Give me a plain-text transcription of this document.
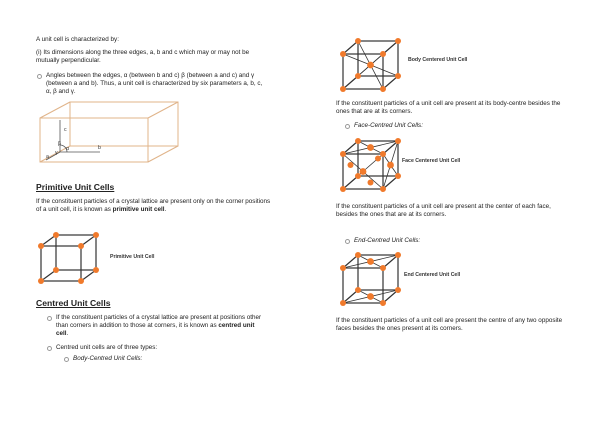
A unit cell is characterized by:

(i) Its dimensions along the three edges, a, b and c which may or may not be mutually perpendicular.

Angles between the edges, α (between b and c) β (between a and c) and γ (between a and b). Thus, a unit cell is characterized by six parameters a, b, c, α, β and γ.
c
b
a
β
α
γ

Primitive Unit Cells

If the constituent particles of a crystal lattice are present only on the corner positions of a unit cell, it is known as primitive unit cell.

Primitive Unit Cell

Centred Unit Cells

If the constituent particles of a crystal lattice are present at positions other than corners in addition to those at corners, it is known as centred unit cell.
Centred unit cells are of three types:
Body-Centred Unit Cells:
Body Centered Unit Cell

If the constituent particles of a unit cell are present at its body-centre besides the ones that are at its corners.

Face-Centred Unit Cells:
Face Centered Unit Cell

If the constituent particles of a unit cell are present at the center of each face, besides the ones that are at its corners.

End-Centred Unit Cells:
End Centered Unit Cell

If the constituent particles of a unit cell are present the centre of any two opposite faces besides the ones present at its corners.
